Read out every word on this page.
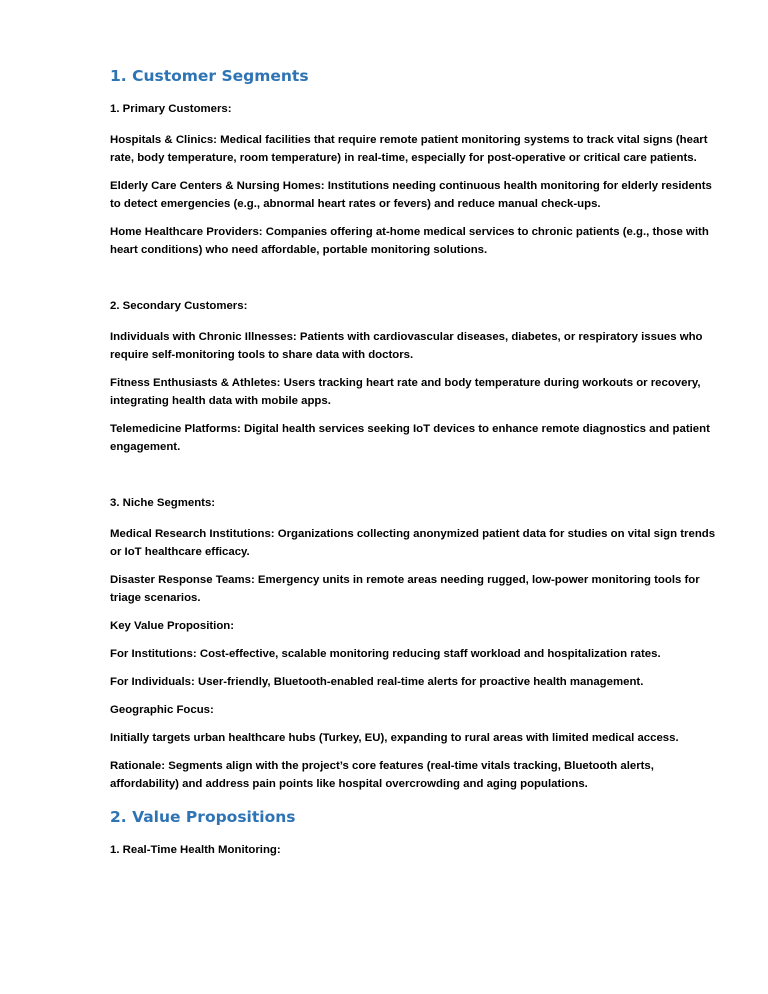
1. Customer Segments

1. Primary Customers:

Hospitals & Clinics: Medical facilities that require remote patient monitoring systems to track vital signs (heart rate, body temperature, room temperature) in real-time, especially for post-operative or critical care patients.

Elderly Care Centers & Nursing Homes: Institutions needing continuous health monitoring for elderly residents to detect emergencies (e.g., abnormal heart rates or fevers) and reduce manual check-ups.

Home Healthcare Providers: Companies offering at-home medical services to chronic patients (e.g., those with heart conditions) who need affordable, portable monitoring solutions.

2. Secondary Customers:

Individuals with Chronic Illnesses: Patients with cardiovascular diseases, diabetes, or respiratory issues who require self-monitoring tools to share data with doctors.

Fitness Enthusiasts & Athletes: Users tracking heart rate and body temperature during workouts or recovery, integrating health data with mobile apps.

Telemedicine Platforms: Digital health services seeking IoT devices to enhance remote diagnostics and patient engagement.

3. Niche Segments:

Medical Research Institutions: Organizations collecting anonymized patient data for studies on vital sign trends or IoT healthcare efficacy.

Disaster Response Teams: Emergency units in remote areas needing rugged, low-power monitoring tools for triage scenarios.

Key Value Proposition:

For Institutions: Cost-effective, scalable monitoring reducing staff workload and hospitalization rates.

For Individuals: User-friendly, Bluetooth-enabled real-time alerts for proactive health management.

Geographic Focus:

Initially targets urban healthcare hubs (Turkey, EU), expanding to rural areas with limited medical access.

Rationale: Segments align with the project’s core features (real-time vitals tracking, Bluetooth alerts, affordability) and address pain points like hospital overcrowding and aging populations.

2. Value Propositions

1. Real-Time Health Monitoring:
